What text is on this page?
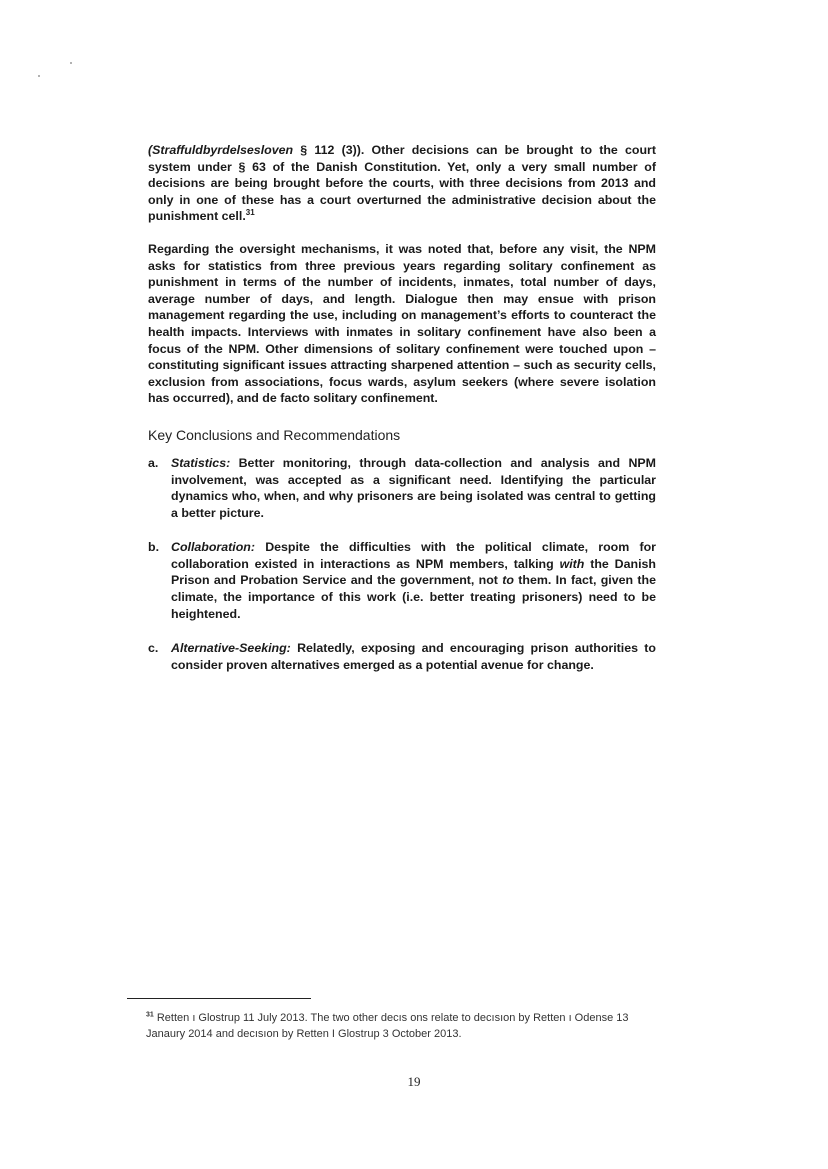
(Straffuldbyrdelsesloven § 112 (3)). Other decisions can be brought to the court system under § 63 of the Danish Constitution. Yet, only a very small number of decisions are being brought before the courts, with three decisions from 2013 and only in one of these has a court overturned the administrative decision about the punishment cell.$^{31}$

Regarding the oversight mechanisms, it was noted that, before any visit, the NPM asks for statistics from three previous years regarding solitary confinement as punishment in terms of the number of incidents, inmates, total number of days, average number of days, and length. Dialogue then may ensue with prison management regarding the use, including on management’s efforts to counteract the health impacts. Interviews with inmates in solitary confinement have also been a focus of the NPM. Other dimensions of solitary confinement were touched upon – constituting significant issues attracting sharpened attention – such as security cells, exclusion from associations, focus wards, asylum seekers (where severe isolation has occurred), and de facto solitary confinement.

Key Conclusions and Recommendations
a. Statistics: Better monitoring, through data-collection and analysis and NPM involvement, was accepted as a significant need. Identifying the particular dynamics who, when, and why prisoners are being isolated was central to getting a better picture.
b. Collaboration: Despite the difficulties with the political climate, room for collaboration existed in interactions as NPM members, talking with the Danish Prison and Probation Service and the government, not to them. In fact, given the climate, the importance of this work (i.e. better treating prisoners) need to be heightened.
c. Alternative-Seeking: Relatedly, exposing and encouraging prison authorities to consider proven alternatives emerged as a potential avenue for change.
$^{31}$ Retten ı Glostrup 11 July 2013. The two other decıs ons relate to decısıon by Retten ı Odense 13 Janaury 2014 and decısıon by Retten I Glostrup 3 October 2013.
19
